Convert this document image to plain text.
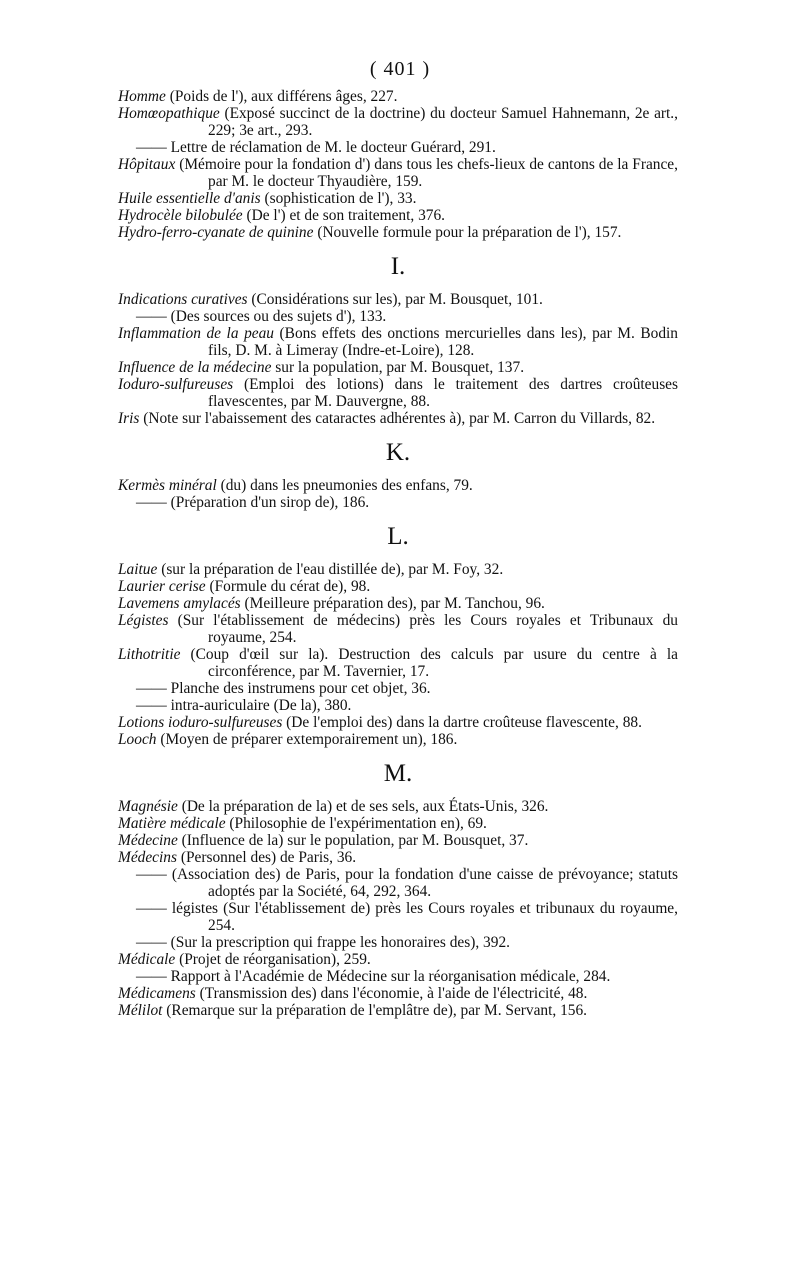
( 401 )

Homme (Poids de l'), aux différens âges, 227.

Homœopathique (Exposé succinct de la doctrine) du docteur Samuel Hahnemann, 2e art., 229; 3e art., 293.

—— Lettre de réclamation de M. le docteur Guérard, 291.

Hôpitaux (Mémoire pour la fondation d') dans tous les chefs-lieux de cantons de la France, par M. le docteur Thyaudière, 159.

Huile essentielle d'anis (sophistication de l'), 33.

Hydrocèle bilobulée (De l') et de son traitement, 376.

Hydro-ferro-cyanate de quinine (Nouvelle formule pour la préparation de l'), 157.

I.

Indications curatives (Considérations sur les), par M. Bousquet, 101.

—— (Des sources ou des sujets d'), 133.

Inflammation de la peau (Bons effets des onctions mercurielles dans les), par M. Bodin fils, D. M. à Limeray (Indre-et-Loire), 128.

Influence de la médecine sur la population, par M. Bousquet, 137.

Ioduro-sulfureuses (Emploi des lotions) dans le traitement des dartres croûteuses flavescentes, par M. Dauvergne, 88.

Iris (Note sur l'abaissement des cataractes adhérentes à), par M. Carron du Villards, 82.

K.

Kermès minéral (du) dans les pneumonies des enfans, 79.

—— (Préparation d'un sirop de), 186.

L.

Laitue (sur la préparation de l'eau distillée de), par M. Foy, 32.

Laurier cerise (Formule du cérat de), 98.

Lavemens amylacés (Meilleure préparation des), par M. Tanchou, 96.

Légistes (Sur l'établissement de médecins) près les Cours royales et Tribunaux du royaume, 254.

Lithotritie (Coup d'œil sur la). Destruction des calculs par usure du centre à la circonférence, par M. Tavernier, 17.

—— Planche des instrumens pour cet objet, 36.

—— intra-auriculaire (De la), 380.

Lotions ioduro-sulfureuses (De l'emploi des) dans la dartre croûteuse flavescente, 88.

Looch (Moyen de préparer extemporairement un), 186.

M.

Magnésie (De la préparation de la) et de ses sels, aux États-Unis, 326.

Matière médicale (Philosophie de l'expérimentation en), 69.

Médecine (Influence de la) sur le population, par M. Bousquet, 37.

Médecins (Personnel des) de Paris, 36.

—— (Association des) de Paris, pour la fondation d'une caisse de prévoyance; statuts adoptés par la Société, 64, 292, 364.

—— légistes (Sur l'établissement de) près les Cours royales et tribunaux du royaume, 254.

—— (Sur la prescription qui frappe les honoraires des), 392.

Médicale (Projet de réorganisation), 259.

—— Rapport à l'Académie de Médecine sur la réorganisation médicale, 284.

Médicamens (Transmission des) dans l'économie, à l'aide de l'électricité, 48.

Mélilot (Remarque sur la préparation de l'emplâtre de), par M. Servant, 156.
